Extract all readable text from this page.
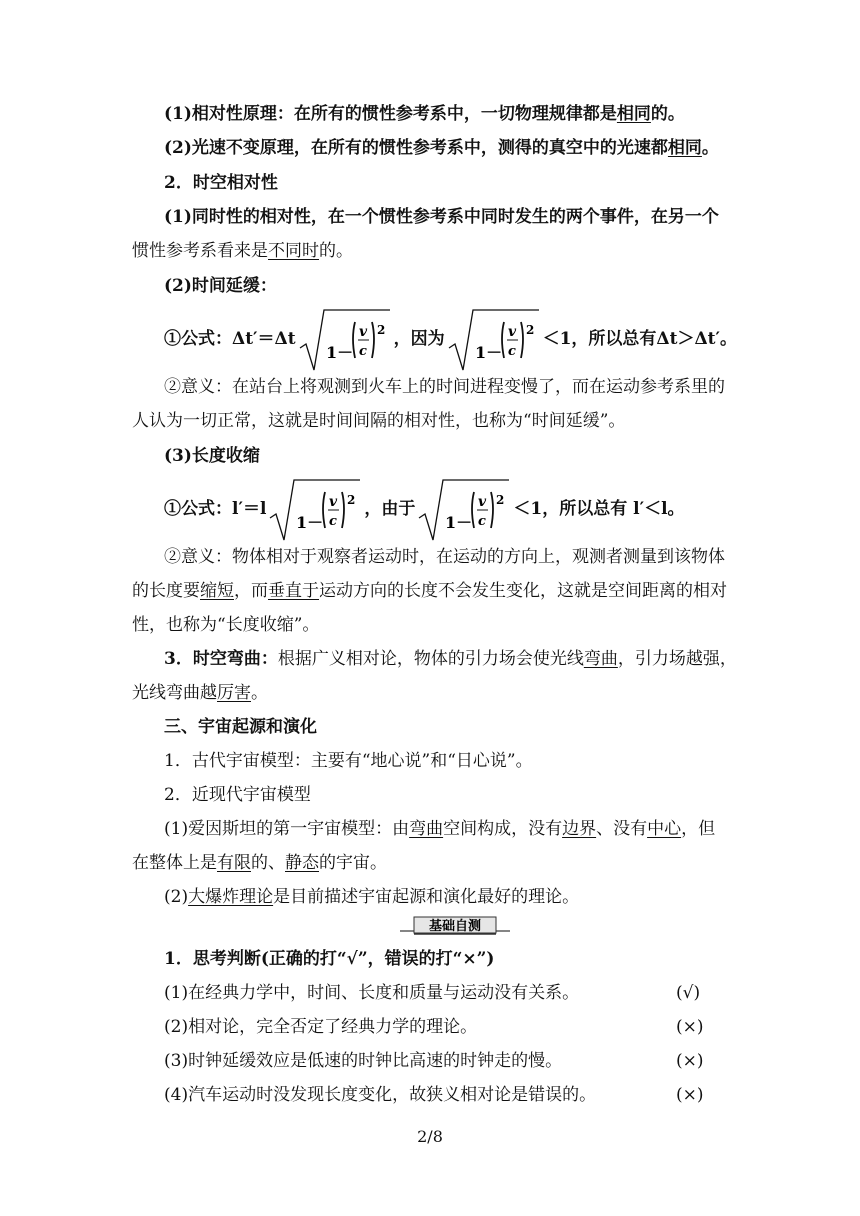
(1)相对性原理：在所有的惯性参考系中，一切物理规律都是相同的。
(2)光速不变原理，在所有的惯性参考系中，测得的真空中的光速都相同。
2．时空相对性
(1)同时性的相对性，在一个惯性参考系中同时发生的两个事件，在另一个
惯性参考系看来是不同时的。
(2)时间延缓：
①公式：Δt′＝Δt
1－
v
c
2 ，因为
1－
v
c
2 ＜1，所以总有Δt＞Δt′。
②意义：在站台上将观测到火车上的时间进程变慢了，而在运动参考系里的
人认为一切正常，这就是时间间隔的相对性，也称为“时间延缓”。
(3)长度收缩
①公式：l′＝l
1－
v
c
2 ，由于
1－
v
c
2 ＜1，所以总有 l′＜l。
②意义：物体相对于观察者运动时，在运动的方向上，观测者测量到该物体
的长度要缩短，而垂直于运动方向的长度不会发生变化，这就是空间距离的相对
性，也称为“长度收缩”。
3．时空弯曲：根据广义相对论，物体的引力场会使光线弯曲，引力场越强，
光线弯曲越厉害。
三、宇宙起源和演化
1．古代宇宙模型：主要有“地心说”和“日心说”。
2．近现代宇宙模型
(1)爱因斯坦的第一宇宙模型：由弯曲空间构成，没有边界、没有中心，但
在整体上是有限的、静态的宇宙。
(2)大爆炸理论是目前描述宇宙起源和演化最好的理论。
基础自测
1．思考判断(正确的打“√”，错误的打“×”)
(1)在经典力学中，时间、长度和质量与运动没有关系。	(√)
(2)相对论，完全否定了经典力学的理论。	(×)
(3)时钟延缓效应是低速的时钟比高速的时钟走的慢。	(×)
(4)汽车运动时没发现长度变化，故狭义相对论是错误的。	(×)
2/8
